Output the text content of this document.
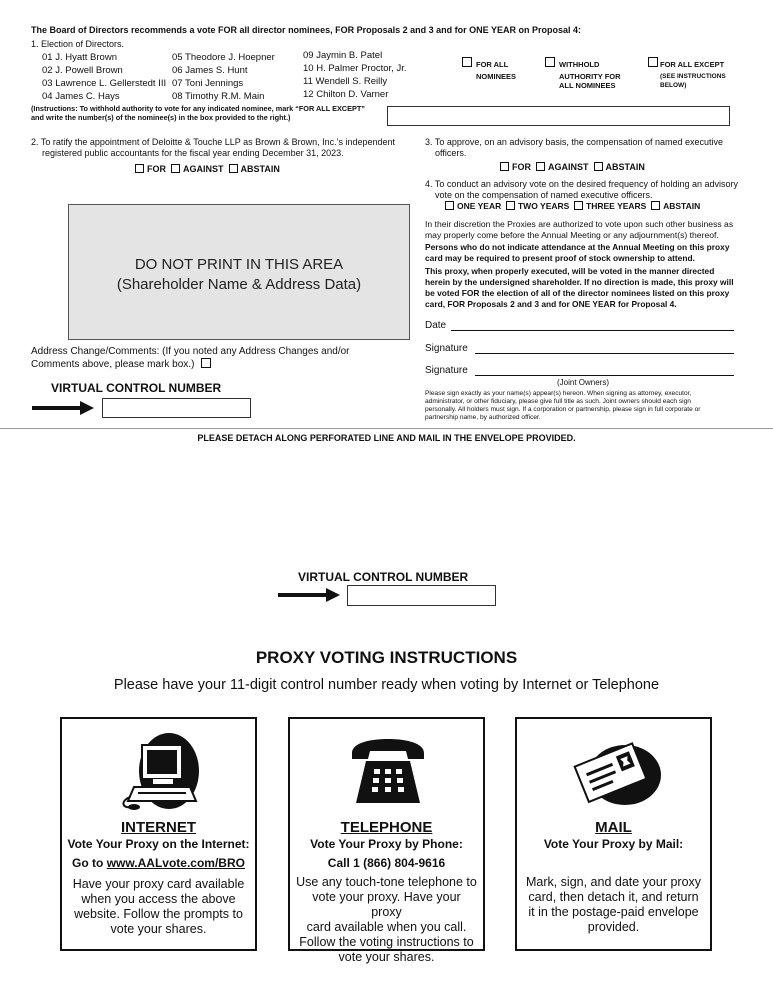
The Board of Directors recommends a vote FOR all director nominees, FOR Proposals 2 and 3 and for ONE YEAR on Proposal 4:
1. Election of Directors.
01 J. Hyatt Brown
02 J. Powell Brown
03 Lawrence L. Gellerstedt III
04 James C. Hays
05 Theodore J. Hoepner
06 James S. Hunt
07 Toni Jennings
08 Timothy R.M. Main
09 Jaymin B. Patel
10 H. Palmer Proctor, Jr.
11 Wendell S. Reilly
12 Chilton D. Varner
FOR ALL
NOMINEES
WITHHOLD
AUTHORITY FOR
ALL NOMINEES
FOR ALL EXCEPT
(SEE INSTRUCTIONS
BELOW)
(Instructions: To withhold authority to vote for any indicated nominee, mark “FOR ALL EXCEPT”
and write the number(s) of the nominee(s) in the box provided to the right.)
2. To ratify the appointment of Deloitte & Touche LLP as Brown & Brown, Inc.’s independent
registered public accountants for the fiscal year ending December 31, 2023.
FOR AGAINST ABSTAIN
3. To approve, on an advisory basis, the compensation of named executive
officers.
FOR AGAINST ABSTAIN
4. To conduct an advisory vote on the desired frequency of holding an advisory
vote on the compensation of named executive officers.
ONE YEAR TWO YEARS THREE YEARS ABSTAIN
In their discretion the Proxies are authorized to vote upon such other business as
may properly come before the Annual Meeting or any adjournment(s) thereof.
Persons who do not indicate attendance at the Annual Meeting on this proxy
card may be required to present proof of stock ownership to attend.
This proxy, when properly executed, will be voted in the manner directed
herein by the undersigned shareholder. If no direction is made, this proxy will
be voted FOR the election of all of the director nominees listed on this proxy
card, FOR Proposals 2 and 3 and for ONE YEAR for Proposal 4.
DO NOT PRINT IN THIS AREA
(Shareholder Name & Address Data)
Address Change/Comments: (If you noted any Address Changes and/or
Comments above, please mark box.)
VIRTUAL CONTROL NUMBER
Date
Signature
Signature
(Joint Owners)
Please sign exactly as your name(s) appear(s) hereon. When signing as attorney, executor,
administrator, or other fiduciary, please give full title as such. Joint owners should each sign
personally. All holders must sign. If a corporation or partnership, please sign in full corporate or
partnership name, by authorized officer.
PLEASE DETACH ALONG PERFORATED LINE AND MAIL IN THE ENVELOPE PROVIDED.
VIRTUAL CONTROL NUMBER
PROXY VOTING INSTRUCTIONS
Please have your 11-digit control number ready when voting by Internet or Telephone
INTERNET
Vote Your Proxy on the Internet:
Go to www.AALvote.com/BRO
Have your proxy card available
when you access the above
website. Follow the prompts to
vote your shares.
TELEPHONE
Vote Your Proxy by Phone:
Call 1 (866) 804-9616
Use any touch-tone telephone to
vote your proxy. Have your proxy
card available when you call.
Follow the voting instructions to
vote your shares.
MAIL
Vote Your Proxy by Mail:
Mark, sign, and date your proxy
card, then detach it, and return
it in the postage-paid envelope
provided.
